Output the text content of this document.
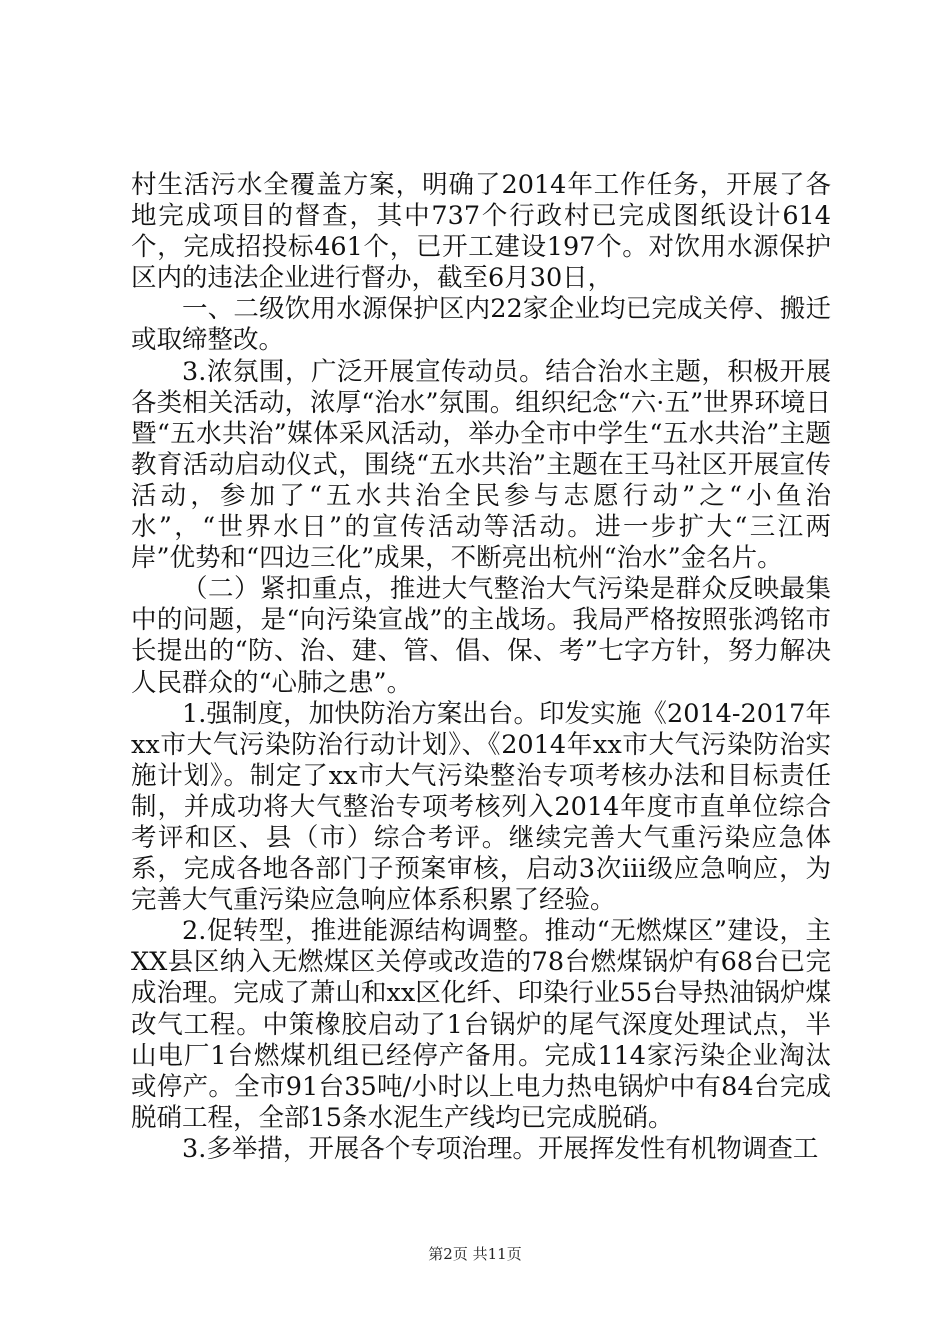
村生活污水全覆盖方案，明确了2014年工作任务，开展了各地完成项目的督查，其中737个行政村已完成图纸设计614个，完成招投标461个，已开工建设197个。对饮用水源保护区内的违法企业进行督办，截至6月30日，

一、二级饮用水源保护区内22家企业均已完成关停、搬迁或取缔整改。

3.浓氛围，广泛开展宣传动员。结合治水主题，积极开展各类相关活动，浓厚“治水”氛围。组织纪念“六·五”世界环境日暨“五水共治”媒体采风活动，举办全市中学生“五水共治”主题教育活动启动仪式，围绕“五水共治”主题在王马社区开展宣传活动，参加了“五水共治全民参与志愿行动”之“小鱼治水”，“世界水日”的宣传活动等活动。进一步扩大“三江两岸”优势和“四边三化”成果，不断亮出杭州“治水”金名片。

（二）紧扣重点，推进大气整治大气污染是群众反映最集中的问题，是“向污染宣战”的主战场。我局严格按照张鸿铭市长提出的“防、治、建、管、倡、保、考”七字方针，努力解决人民群众的“心肺之患”。

1.强制度，加快防治方案出台。印发实施《2014-2017年xx市大气污染防治行动计划》、《2014年xx市大气污染防治实施计划》。制定了xx市大气污染整治专项考核办法和目标责任制，并成功将大气整治专项考核列入2014年度市直单位综合考评和区、县（市）综合考评。继续完善大气重污染应急体系，完成各地各部门子预案审核，启动3次iii级应急响应，为完善大气重污染应急响应体系积累了经验。

2.促转型，推进能源结构调整。推动“无燃煤区”建设，主XX县区纳入无燃煤区关停或改造的78台燃煤锅炉有68台已完成治理。完成了萧山和xx区化纤、印染行业55台导热油锅炉煤改气工程。中策橡胶启动了1台锅炉的尾气深度处理试点，半山电厂1台燃煤机组已经停产备用。完成114家污染企业淘汰或停产。全市91台35吨/小时以上电力热电锅炉中有84台完成脱硝工程，全部15条水泥生产线均已完成脱硝。

3.多举措，开展各个专项治理。开展挥发性有机物调查工

第2页 共11页
